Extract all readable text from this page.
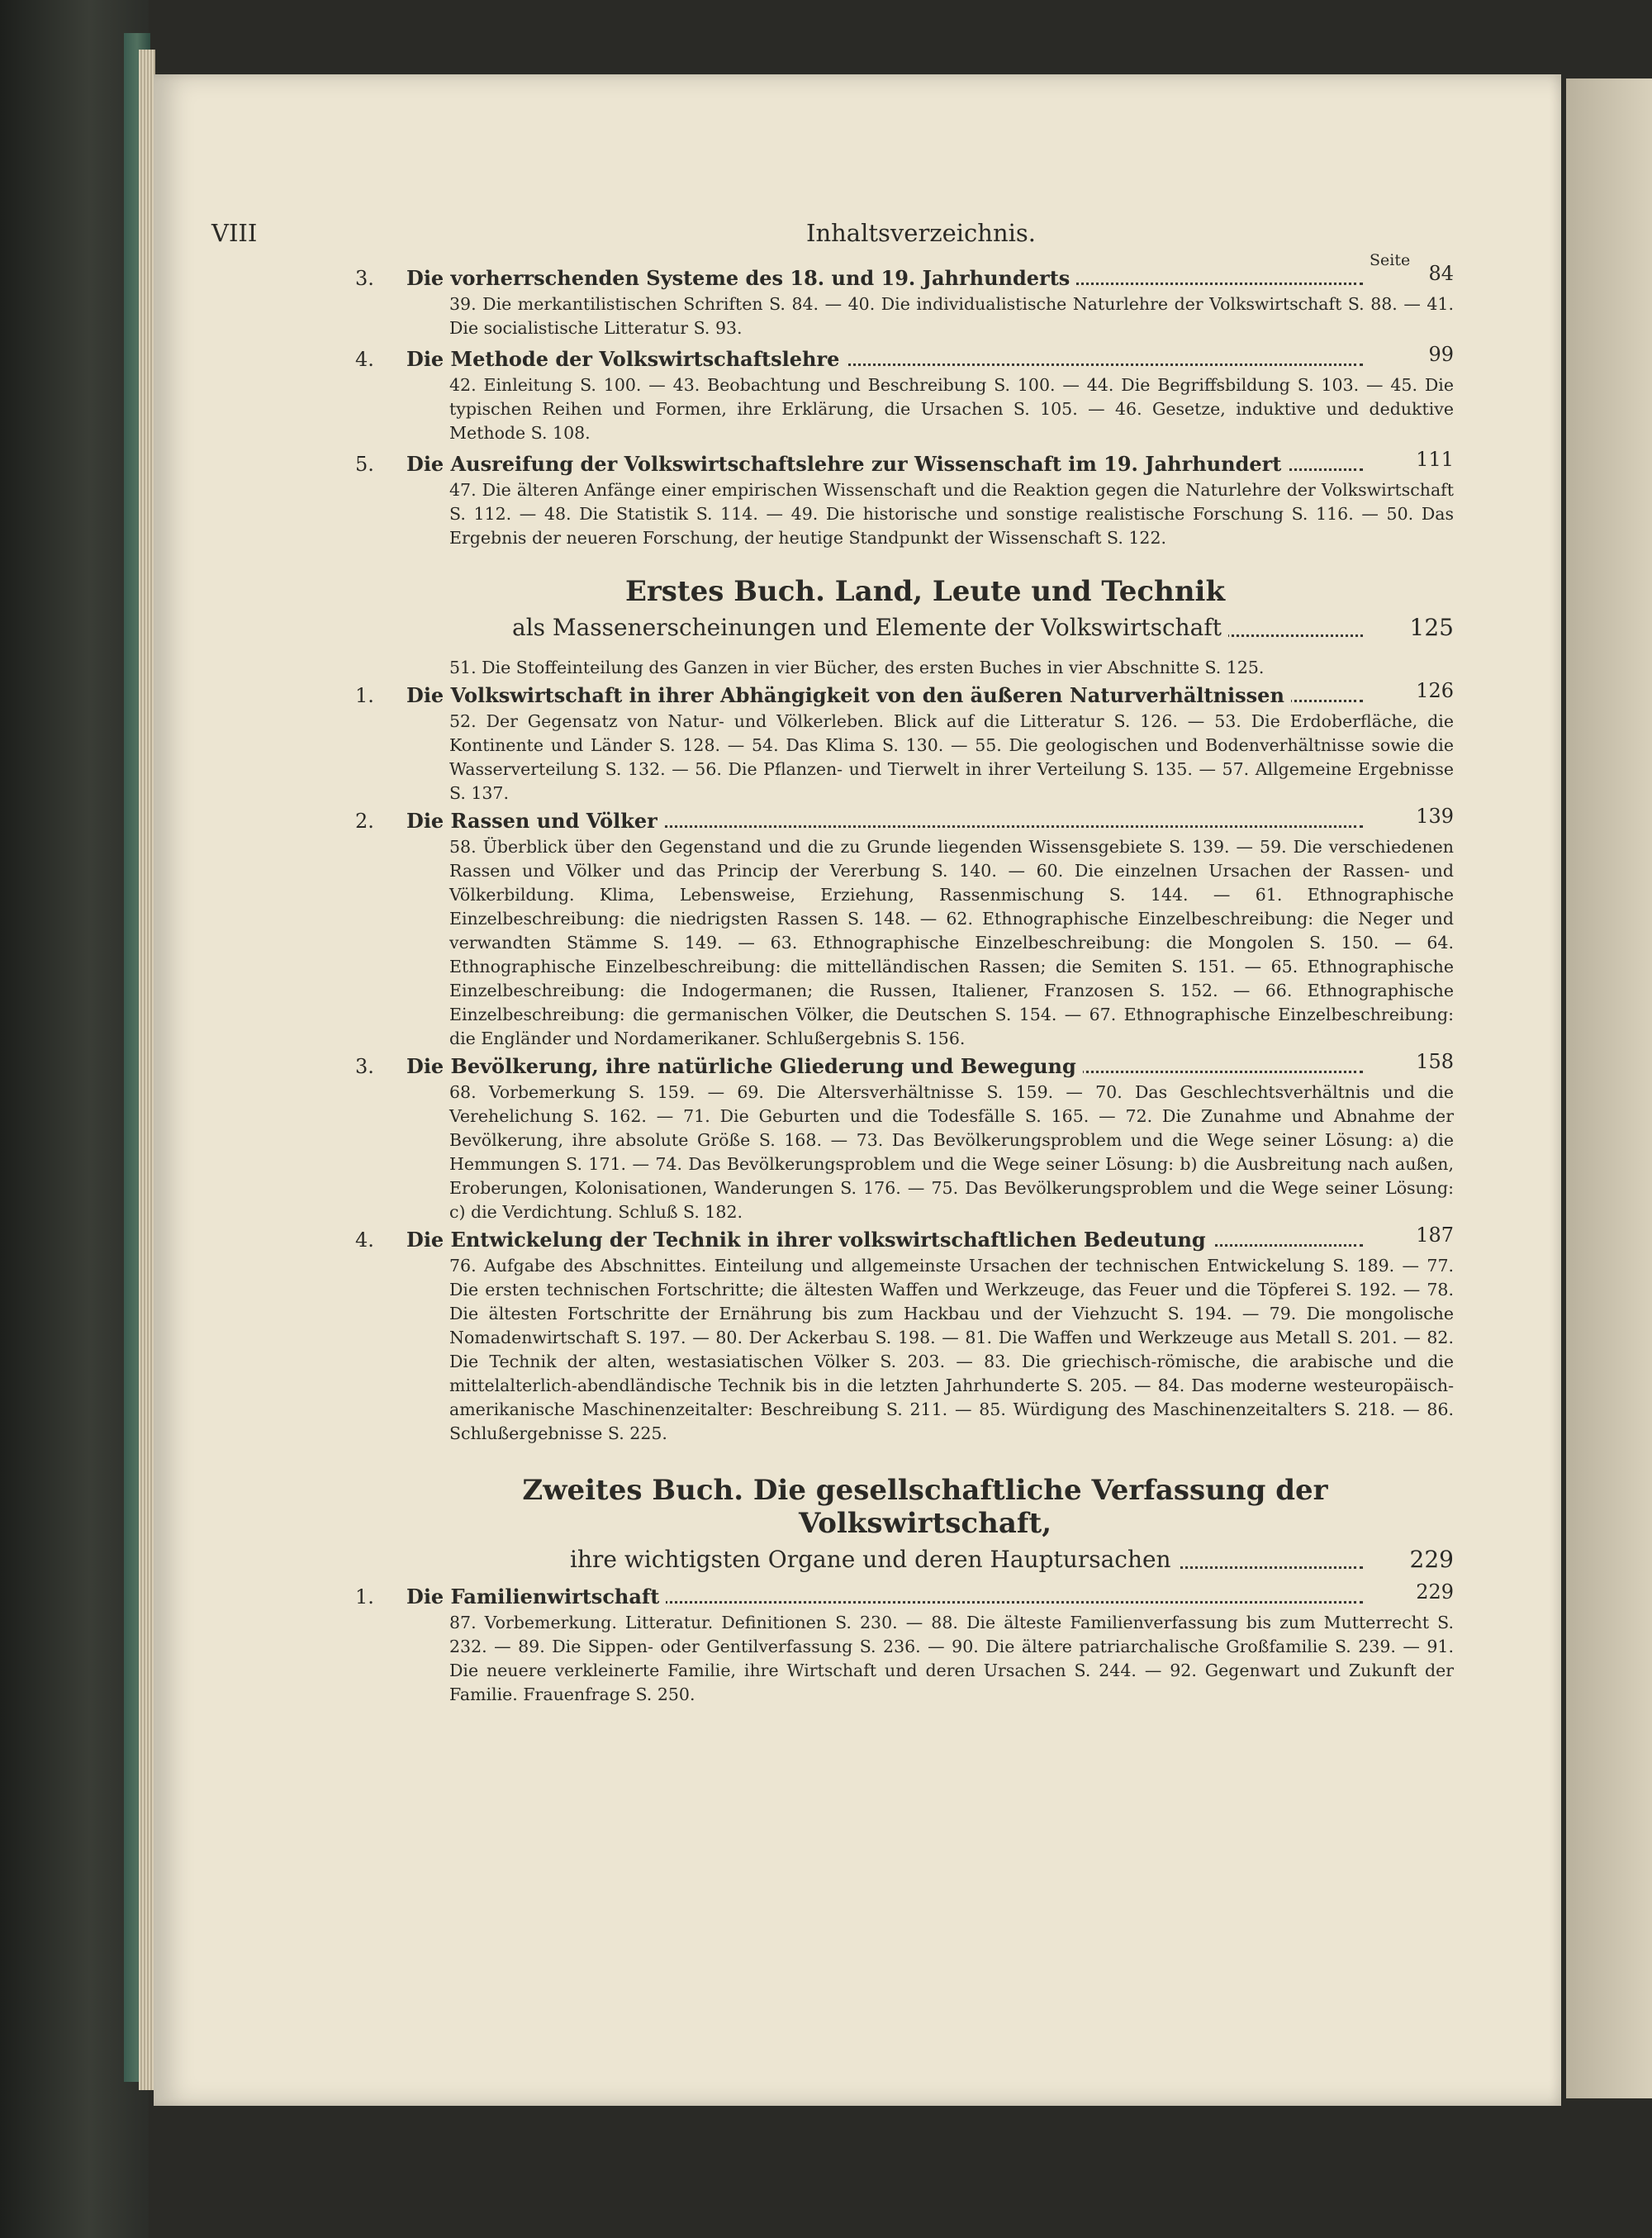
VIII	Inhaltsverzeichnis.
Seite
3. Die vorherrschenden Systeme des 18. und 19. Jahrhunderts	84

39. Die merkantilistischen Schriften S. 84. — 40. Die individualistische Naturlehre der Volkswirtschaft S. 88. — 41. Die socialistische Litteratur S. 93.

4. Die Methode der Volkswirtschaftslehre	99

42. Einleitung S. 100. — 43. Beobachtung und Beschreibung S. 100. — 44. Die Begriffsbildung S. 103. — 45. Die typischen Reihen und Formen, ihre Erklärung, die Ursachen S. 105. — 46. Gesetze, induktive und deduktive Methode S. 108.

5. Die Ausreifung der Volkswirtschaftslehre zur Wissenschaft im 19. Jahrhundert	111

47. Die älteren Anfänge einer empirischen Wissenschaft und die Reaktion gegen die Naturlehre der Volkswirtschaft S. 112. — 48. Die Statistik S. 114. — 49. Die historische und sonstige realistische Forschung S. 116. — 50. Das Ergebnis der neueren Forschung, der heutige Standpunkt der Wissenschaft S. 122.

Erstes Buch. Land, Leute und Technik
als Massenerscheinungen und Elemente der Volkswirtschaft	125

51. Die Stoffeinteilung des Ganzen in vier Bücher, des ersten Buches in vier Abschnitte S. 125.

1. Die Volkswirtschaft in ihrer Abhängigkeit von den äußeren Naturverhältnissen	126

52. Der Gegensatz von Natur- und Völkerleben. Blick auf die Litteratur S. 126. — 53. Die Erdoberfläche, die Kontinente und Länder S. 128. — 54. Das Klima S. 130. — 55. Die geologischen und Bodenverhältnisse sowie die Wasserverteilung S. 132. — 56. Die Pflanzen- und Tierwelt in ihrer Verteilung S. 135. — 57. Allgemeine Ergebnisse S. 137.

2. Die Rassen und Völker	139

58. Überblick über den Gegenstand und die zu Grunde liegenden Wissensgebiete S. 139. — 59. Die verschiedenen Rassen und Völker und das Princip der Vererbung S. 140. — 60. Die einzelnen Ursachen der Rassen- und Völkerbildung. Klima, Lebensweise, Erziehung, Rassenmischung S. 144. — 61. Ethnographische Einzelbeschreibung: die niedrigsten Rassen S. 148. — 62. Ethnographische Einzelbeschreibung: die Neger und verwandten Stämme S. 149. — 63. Ethnographische Einzelbeschreibung: die Mongolen S. 150. — 64. Ethnographische Einzelbeschreibung: die mittelländischen Rassen; die Semiten S. 151. — 65. Ethnographische Einzelbeschreibung: die Indogermanen; die Russen, Italiener, Franzosen S. 152. — 66. Ethnographische Einzelbeschreibung: die germanischen Völker, die Deutschen S. 154. — 67. Ethnographische Einzelbeschreibung: die Engländer und Nordamerikaner. Schlußergebnis S. 156.

3. Die Bevölkerung, ihre natürliche Gliederung und Bewegung	158

68. Vorbemerkung S. 159. — 69. Die Altersverhältnisse S. 159. — 70. Das Geschlechtsverhältnis und die Verehelichung S. 162. — 71. Die Geburten und die Todesfälle S. 165. — 72. Die Zunahme und Abnahme der Bevölkerung, ihre absolute Größe S. 168. — 73. Das Bevölkerungsproblem und die Wege seiner Lösung: a) die Hemmungen S. 171. — 74. Das Bevölkerungsproblem und die Wege seiner Lösung: b) die Ausbreitung nach außen, Eroberungen, Kolonisationen, Wanderungen S. 176. — 75. Das Bevölkerungsproblem und die Wege seiner Lösung: c) die Verdichtung. Schluß S. 182.

4. Die Entwickelung der Technik in ihrer volkswirtschaftlichen Bedeutung	187

76. Aufgabe des Abschnittes. Einteilung und allgemeinste Ursachen der technischen Entwickelung S. 189. — 77. Die ersten technischen Fortschritte; die ältesten Waffen und Werkzeuge, das Feuer und die Töpferei S. 192. — 78. Die ältesten Fortschritte der Ernährung bis zum Hackbau und der Viehzucht S. 194. — 79. Die mongolische Nomadenwirtschaft S. 197. — 80. Der Ackerbau S. 198. — 81. Die Waffen und Werkzeuge aus Metall S. 201. — 82. Die Technik der alten, westasiatischen Völker S. 203. — 83. Die griechisch-römische, die arabische und die mittelalterlich-abendländische Technik bis in die letzten Jahrhunderte S. 205. — 84. Das moderne westeuropäisch-amerikanische Maschinenzeitalter: Beschreibung S. 211. — 85. Würdigung des Maschinenzeitalters S. 218. — 86. Schlußergebnisse S. 225.

Zweites Buch. Die gesellschaftliche Verfassung der Volkswirtschaft,
ihre wichtigsten Organe und deren Hauptursachen	229
1. Die Familienwirtschaft	229

87. Vorbemerkung. Litteratur. Definitionen S. 230. — 88. Die älteste Familienverfassung bis zum Mutterrecht S. 232. — 89. Die Sippen- oder Gentilverfassung S. 236. — 90. Die ältere patriarchalische Großfamilie S. 239. — 91. Die neuere verkleinerte Familie, ihre Wirtschaft und deren Ursachen S. 244. — 92. Gegenwart und Zukunft der Familie. Frauenfrage S. 250.
